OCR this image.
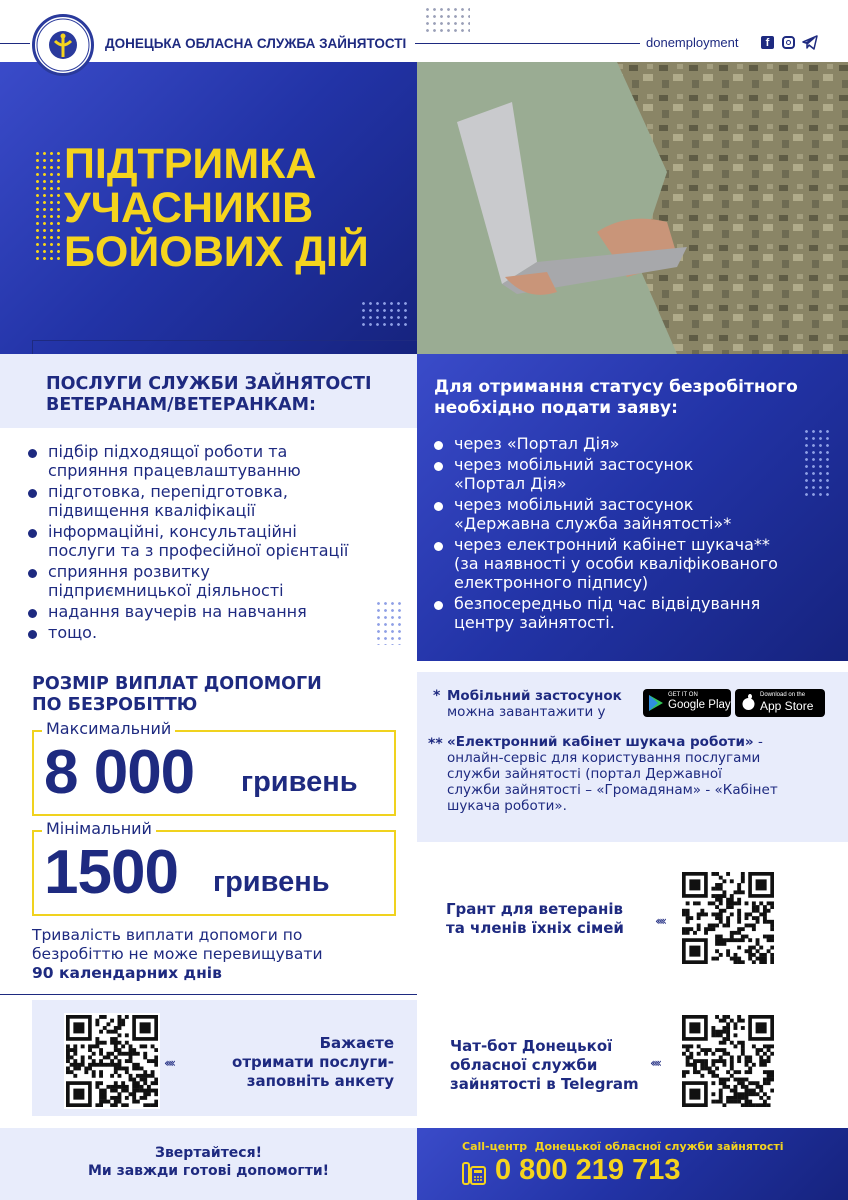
ДОНЕЦЬКА ОБЛАСНА СЛУЖБА ЗАЙНЯТОСТІ	donemployment	f
ПІДТРИМКА
УЧАСНИКІВ
БОЙОВИХ ДІЙ
ПОСЛУГИ СЛУЖБИ ЗАЙНЯТОСТІ
ВЕТЕРАНАМ/ВЕТЕРАНКАМ:
підбір підходящої роботи та
сприяння працевлаштуванню
підготовка, перепідготовка,
підвищення кваліфікації
інформаційні, консультаційні
послуги та з професійної орієнтації
сприяння розвитку
підприємницької діяльності
надання ваучерів на навчання
тощо.
Для отримання статусу безробітного
необхідно подати заяву:
через «Портал Дія»
через мобільний застосунок
«Портал Дія»
через мобільний застосунок
«Державна служба зайнятості»*
через електронний кабінет шукача**
(за наявності у особи кваліфікованого
електронного підпису)
безпосередньо під час відвідування
центру зайнятості.
РОЗМІР ВИПЛАТ ДОПОМОГИ
ПО БЕЗРОБІТТЮ
Максимальний
8 000 гривень
Мінімальний
1500 гривень
Тривалість виплати допомоги по
безробіттю не може перевищувати
90 календарних днів
* Мобільний застосунок
можна завантажити у
GET IT ON
Google Play
Download on the
App Store
** «Електронний кабінет шукача роботи» -
онлайн-сервіс для користування послугами
служби зайнятості (портал Державної
служби зайнятості – «Громадянам» - «Кабінет
шукача роботи».
Грант для ветеранів
та членів їхніх сімей	‹‹‹‹‹
‹‹‹‹‹
Бажаєте
отримати послуги-
заповніть анкету
Чат-бот Донецької
обласної служби
зайнятості в Telegram
‹‹‹‹‹
Звертайтеся!
Ми завжди готові допомогти!
Call-центр  Донецької обласної служби зайнятості
0 800 219 713
